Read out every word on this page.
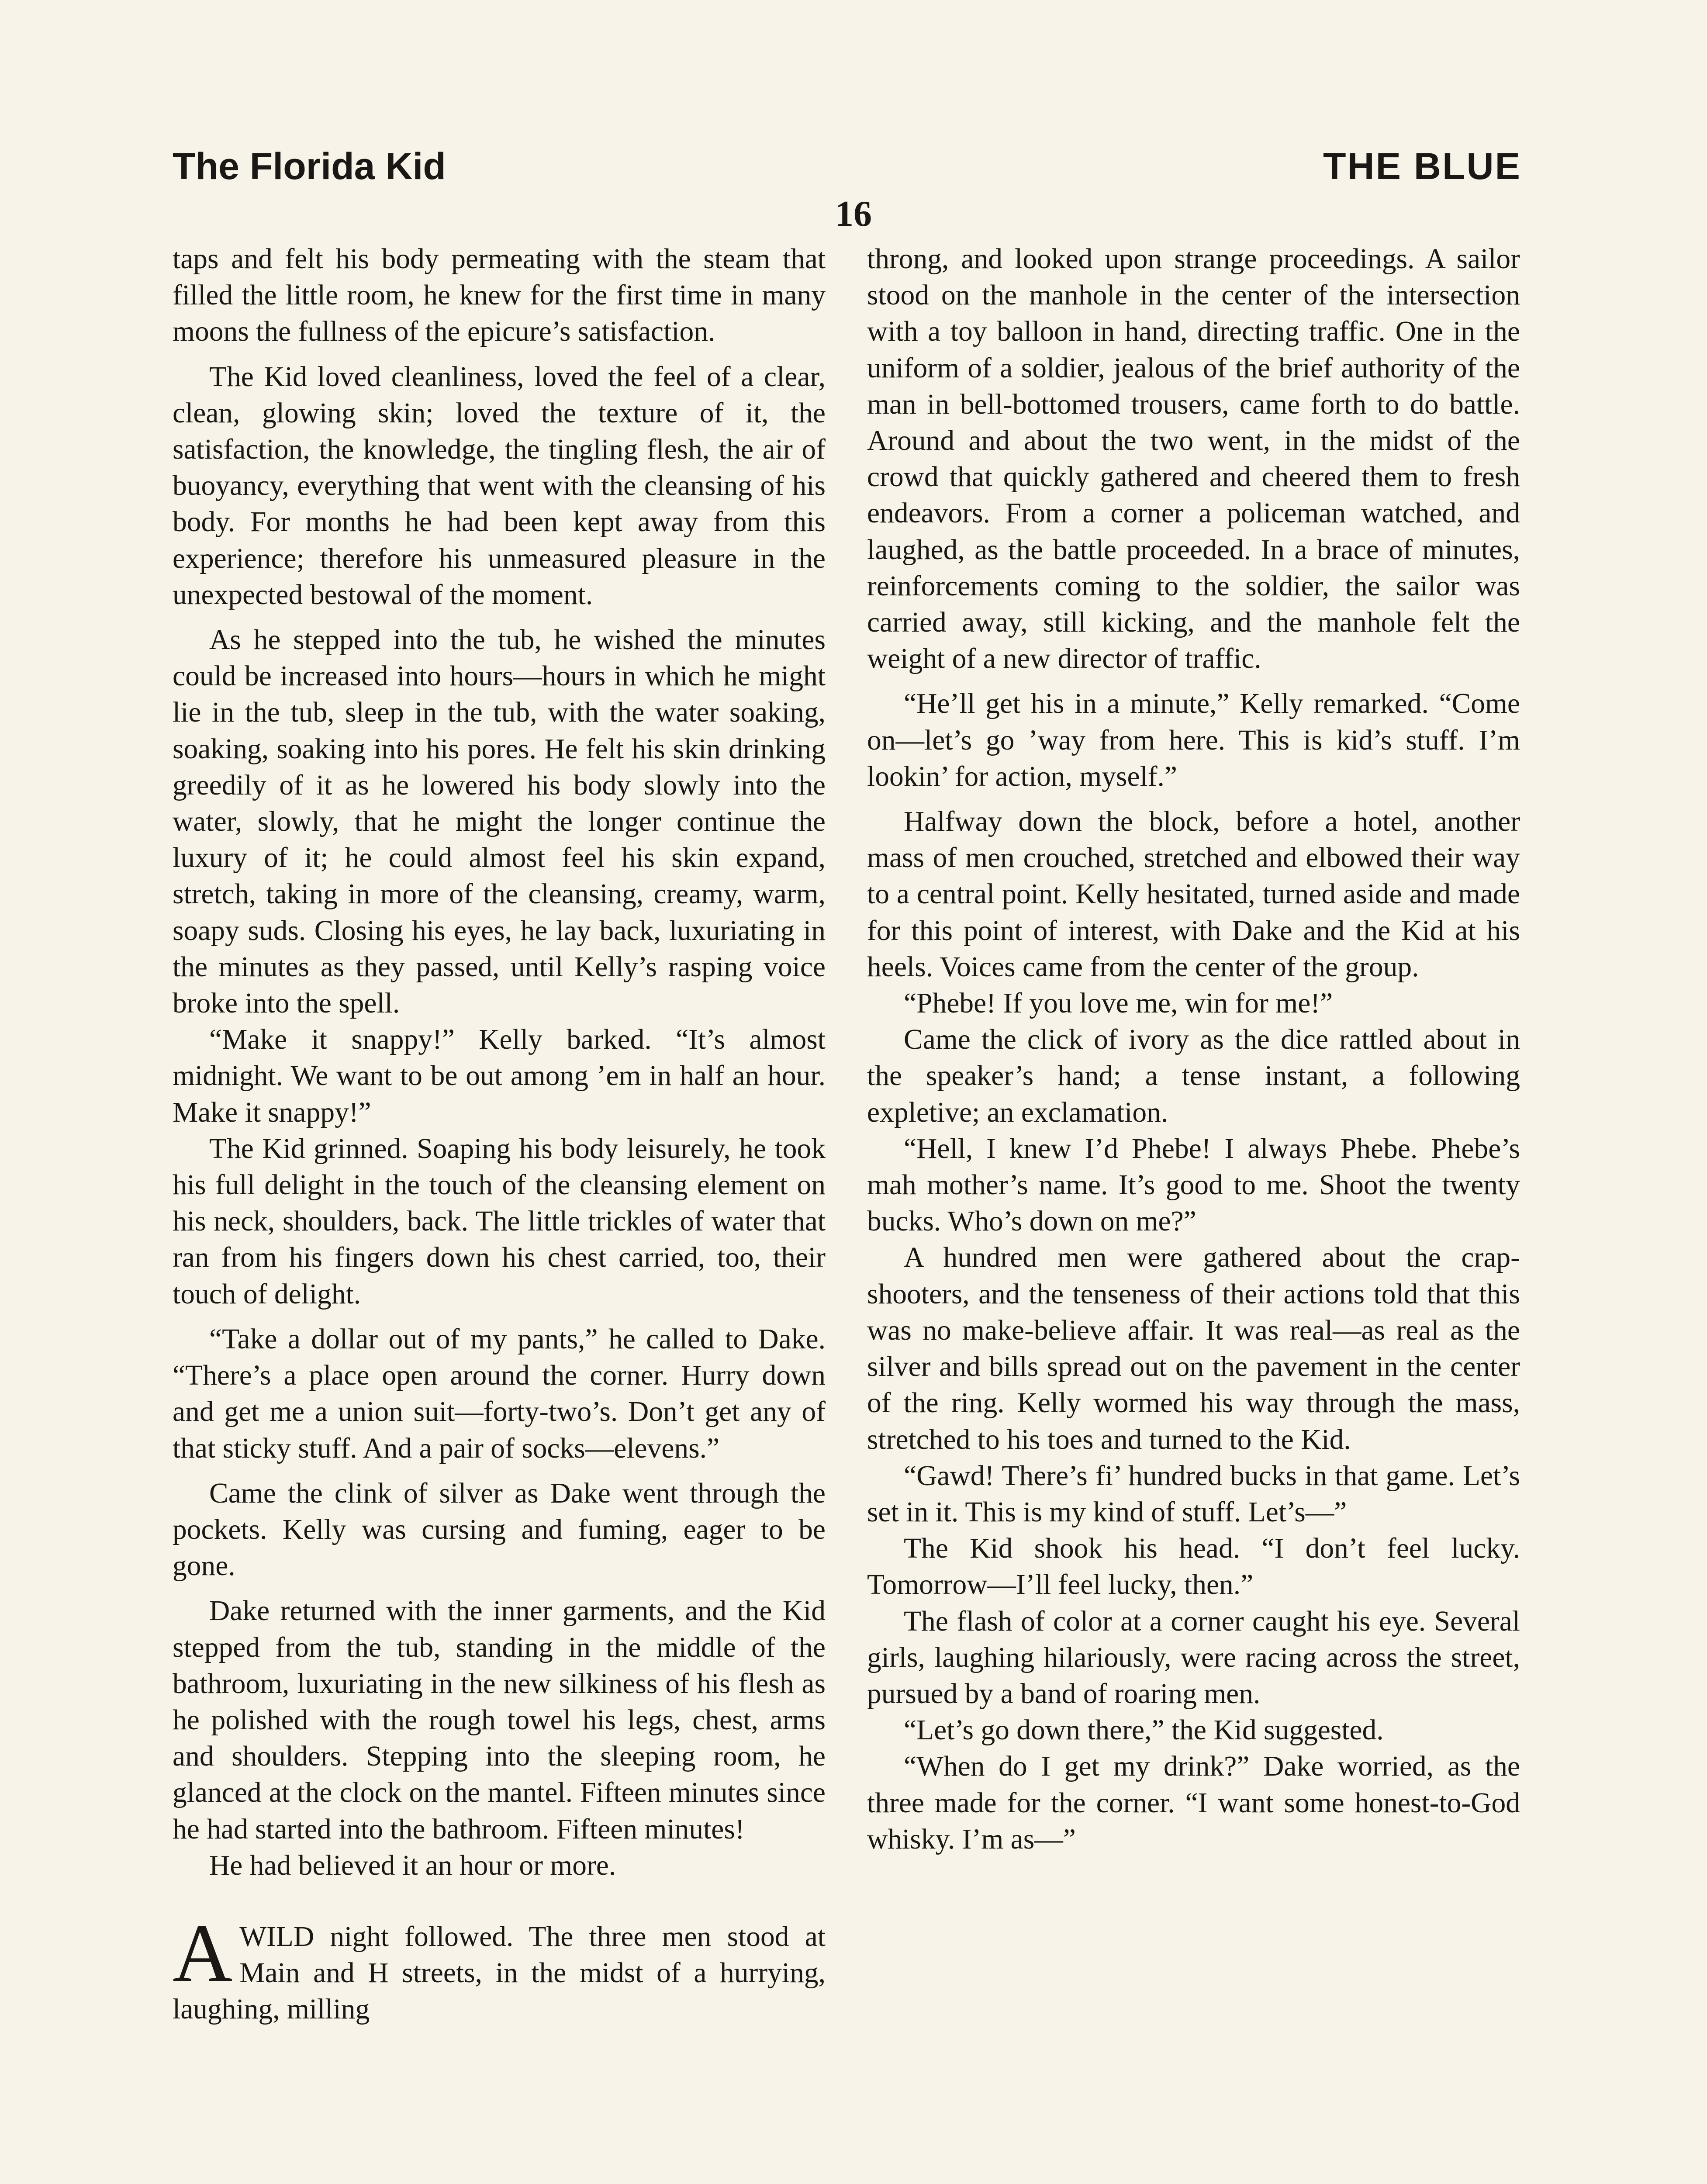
The Florida Kid	THE BLUE
16

taps and felt his body permeating with the steam that filled the little room, he knew for the first time in many moons the fullness of the epicure’s satisfaction.

The Kid loved cleanliness, loved the feel of a clear, clean, glowing skin; loved the texture of it, the satisfaction, the knowledge, the tingling flesh, the air of buoyancy, everything that went with the cleansing of his body. For months he had been kept away from this experience; therefore his unmeasured pleasure in the unexpected bestowal of the moment.

As he stepped into the tub, he wished the minutes could be increased into hours—hours in which he might lie in the tub, sleep in the tub, with the water soaking, soaking, soaking into his pores. He felt his skin drinking greedily of it as he lowered his body slowly into the water, slowly, that he might the longer continue the luxury of it; he could almost feel his skin expand, stretch, taking in more of the cleansing, creamy, warm, soapy suds. Closing his eyes, he lay back, luxuriating in the minutes as they passed, until Kelly’s rasping voice broke into the spell.

“Make it snappy!” Kelly barked. “It’s almost midnight. We want to be out among ’em in half an hour. Make it snappy!”

The Kid grinned. Soaping his body leisurely, he took his full delight in the touch of the cleansing element on his neck, shoulders, back. The little trickles of water that ran from his fingers down his chest carried, too, their touch of delight.

“Take a dollar out of my pants,” he called to Dake. “There’s a place open around the corner. Hurry down and get me a union suit—forty-two’s. Don’t get any of that sticky stuff. And a pair of socks—elevens.”

Came the clink of silver as Dake went through the pockets. Kelly was cursing and fuming, eager to be gone.

Dake returned with the inner garments, and the Kid stepped from the tub, standing in the middle of the bathroom, luxuriating in the new silkiness of his flesh as he polished with the rough towel his legs, chest, arms and shoulders. Stepping into the sleeping room, he glanced at the clock on the mantel. Fifteen minutes since he had started into the bathroom. Fifteen minutes!

He had believed it an hour or more.

AWILD night followed. The three men stood at Main and H streets, in the midst of a hurrying, laughing, milling

throng, and looked upon strange proceedings. A sailor stood on the manhole in the center of the intersection with a toy balloon in hand, directing traffic. One in the uniform of a soldier, jealous of the brief authority of the man in bell-bottomed trousers, came forth to do battle. Around and about the two went, in the midst of the crowd that quickly gathered and cheered them to fresh endeavors. From a corner a policeman watched, and laughed, as the battle proceeded. In a brace of minutes, reinforcements coming to the soldier, the sailor was carried away, still kicking, and the manhole felt the weight of a new director of traffic.

“He’ll get his in a minute,” Kelly remarked. “Come on—let’s go ’way from here. This is kid’s stuff. I’m lookin’ for action, myself.”

Halfway down the block, before a hotel, another mass of men crouched, stretched and elbowed their way to a central point. Kelly hesitated, turned aside and made for this point of interest, with Dake and the Kid at his heels. Voices came from the center of the group.

“Phebe! If you love me, win for me!”

Came the click of ivory as the dice rattled about in the speaker’s hand; a tense instant, a following expletive; an exclamation.

“Hell, I knew I’d Phebe! I always Phebe. Phebe’s mah mother’s name. It’s good to me. Shoot the twenty bucks. Who’s down on me?”

A hundred men were gathered about the crap-shooters, and the tenseness of their actions told that this was no make-believe affair. It was real—as real as the silver and bills spread out on the pavement in the center of the ring. Kelly wormed his way through the mass, stretched to his toes and turned to the Kid.

“Gawd! There’s fi’ hundred bucks in that game. Let’s set in it. This is my kind of stuff. Let’s—”

The Kid shook his head. “I don’t feel lucky. Tomorrow—I’ll feel lucky, then.”

The flash of color at a corner caught his eye. Several girls, laughing hilariously, were racing across the street, pursued by a band of roaring men.

“Let’s go down there,” the Kid suggested.

“When do I get my drink?” Dake worried, as the three made for the corner. “I want some honest-to-God whisky. I’m as—”
